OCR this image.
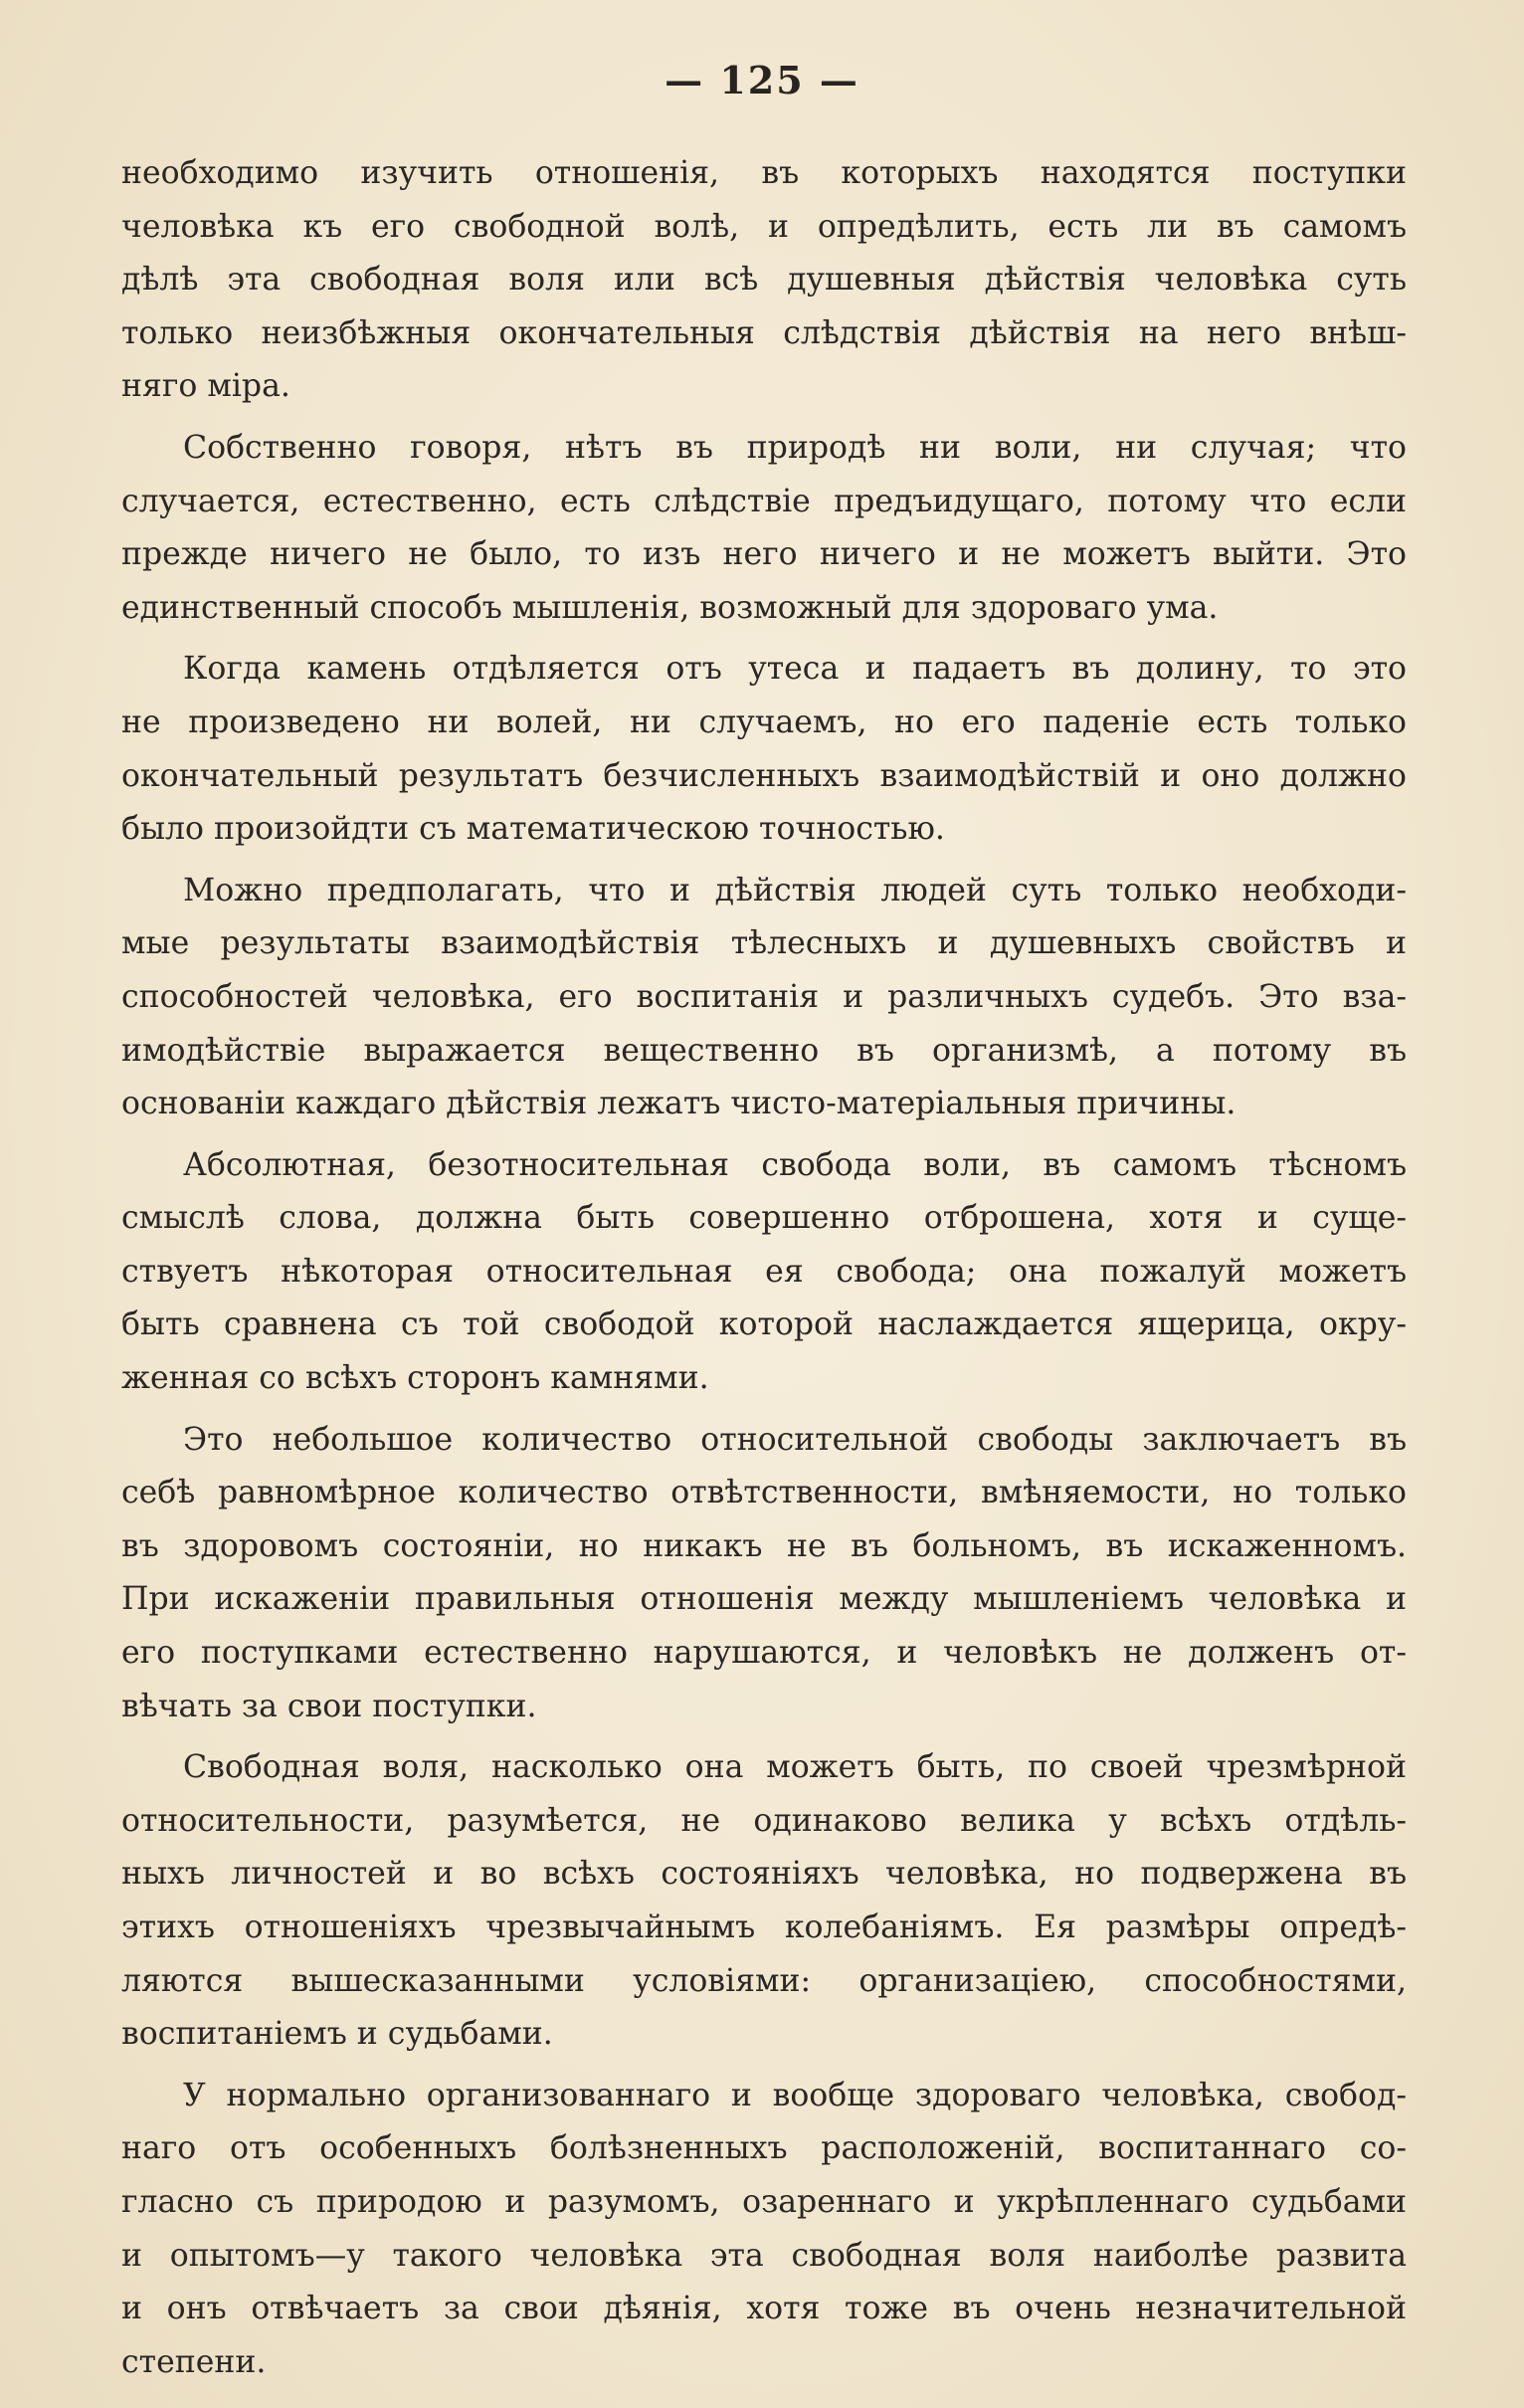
— 125 —
необходимо изучить отношенія, въ которыхъ находятся поступки
человѣка къ его свободной волѣ, и опредѣлить, есть ли въ самомъ
дѣлѣ эта свободная воля или всѣ душевныя дѣйствія человѣка суть
только неизбѣжныя окончательныя слѣдствія дѣйствія на него внѣш-
няго міра.
Собственно говоря, нѣтъ въ природѣ ни воли, ни случая; что
случается, естественно, есть слѣдствіе предъидущаго, потому что если
прежде ничего не было, то изъ него ничего и не можетъ выйти. Это
единственный способъ мышленія, возможный для здороваго ума.
Когда камень отдѣляется отъ утеса и падаетъ въ долину, то это
не произведено ни волей, ни случаемъ, но его паденіе есть только
окончательный результатъ безчисленныхъ взаимодѣйствій и оно должно
было произойдти съ математическою точностью.
Можно предполагать, что и дѣйствія людей суть только необходи-
мые результаты взаимодѣйствія тѣлесныхъ и душевныхъ свойствъ и
способностей человѣка, его воспитанія и различныхъ судебъ. Это вза-
имодѣйствіе выражается вещественно въ организмѣ, а потому въ
основаніи каждаго дѣйствія лежатъ чисто-матеріальныя причины.
Абсолютная, безотносительная свобода воли, въ самомъ тѣсномъ
смыслѣ слова, должна быть совершенно отброшена, хотя и суще-
ствуетъ нѣкоторая относительная ея свобода; она пожалуй можетъ
быть сравнена съ той свободой которой наслаждается ящерица, окру-
женная со всѣхъ сторонъ камнями.
Это небольшое количество относительной свободы заключаетъ въ
себѣ равномѣрное количество отвѣтственности, вмѣняемости, но только
въ здоровомъ состояніи, но никакъ не въ больномъ, въ искаженномъ.
При искаженіи правильныя отношенія между мышленіемъ человѣка и
его поступками естественно нарушаются, и человѣкъ не долженъ от-
вѣчать за свои поступки.
Свободная воля, насколько она можетъ быть, по своей чрезмѣрной
относительности, разумѣется, не одинаково велика у всѣхъ отдѣль-
ныхъ личностей и во всѣхъ состояніяхъ человѣка, но подвержена въ
этихъ отношеніяхъ чрезвычайнымъ колебаніямъ. Ея размѣры опредѣ-
ляются вышесказанными условіями: организаціею, способностями,
воспитаніемъ и судьбами.
У нормально организованнаго и вообще здороваго человѣка, свобод-
наго отъ особенныхъ болѣзненныхъ расположеній, воспитаннаго со-
гласно съ природою и разумомъ, озареннаго и укрѣпленнаго судьбами
и опытомъ—у такого человѣка эта свободная воля наиболѣе развита
и онъ отвѣчаетъ за свои дѣянія, хотя тоже въ очень незначительной
степени.
